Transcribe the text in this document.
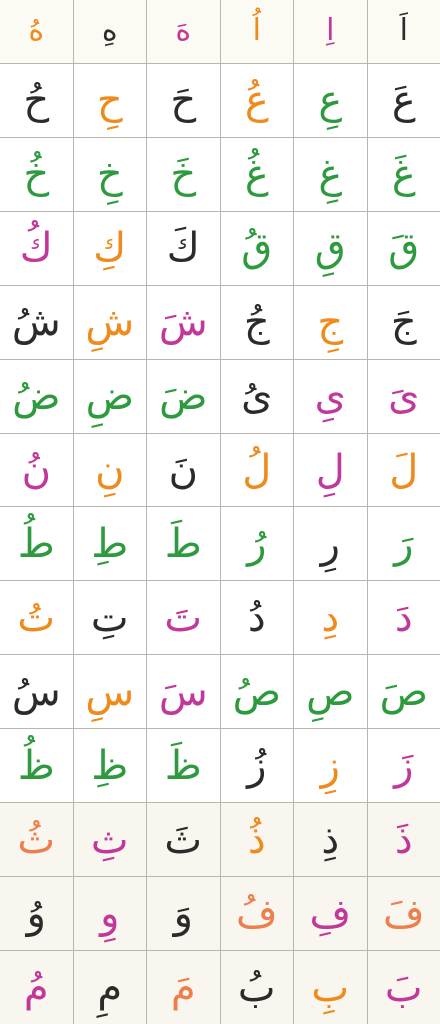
اَ
اِ
اُ
هَ
هِ
هُ
عَ
عِ
عُ
حَ
حِ
حُ
غَ
غِ
غُ
خَ
خِ
خُ
قَ
قِ
قُ
كَ
كِ
كُ
جَ
جِ
جُ
شَ
شِ
شُ
ىَ
ىِ
ىُ
ضَ
ضِ
ضُ
لَ
لِ
لُ
نَ
نِ
نُ
رَ
رِ
رُ
طَ
طِ
طُ
دَ
دِ
دُ
تَ
تِ
تُ
صَ
صِ
صُ
سَ
سِ
سُ
زَ
زِ
زُ
ظَ
ظِ
ظُ
ذَ
ذِ
ذُ
ثَ
ثِ
ثُ
فَ
فِ
فُ
وَ
وِ
وُ
بَ
بِ
بُ
مَ
مِ
مُ
